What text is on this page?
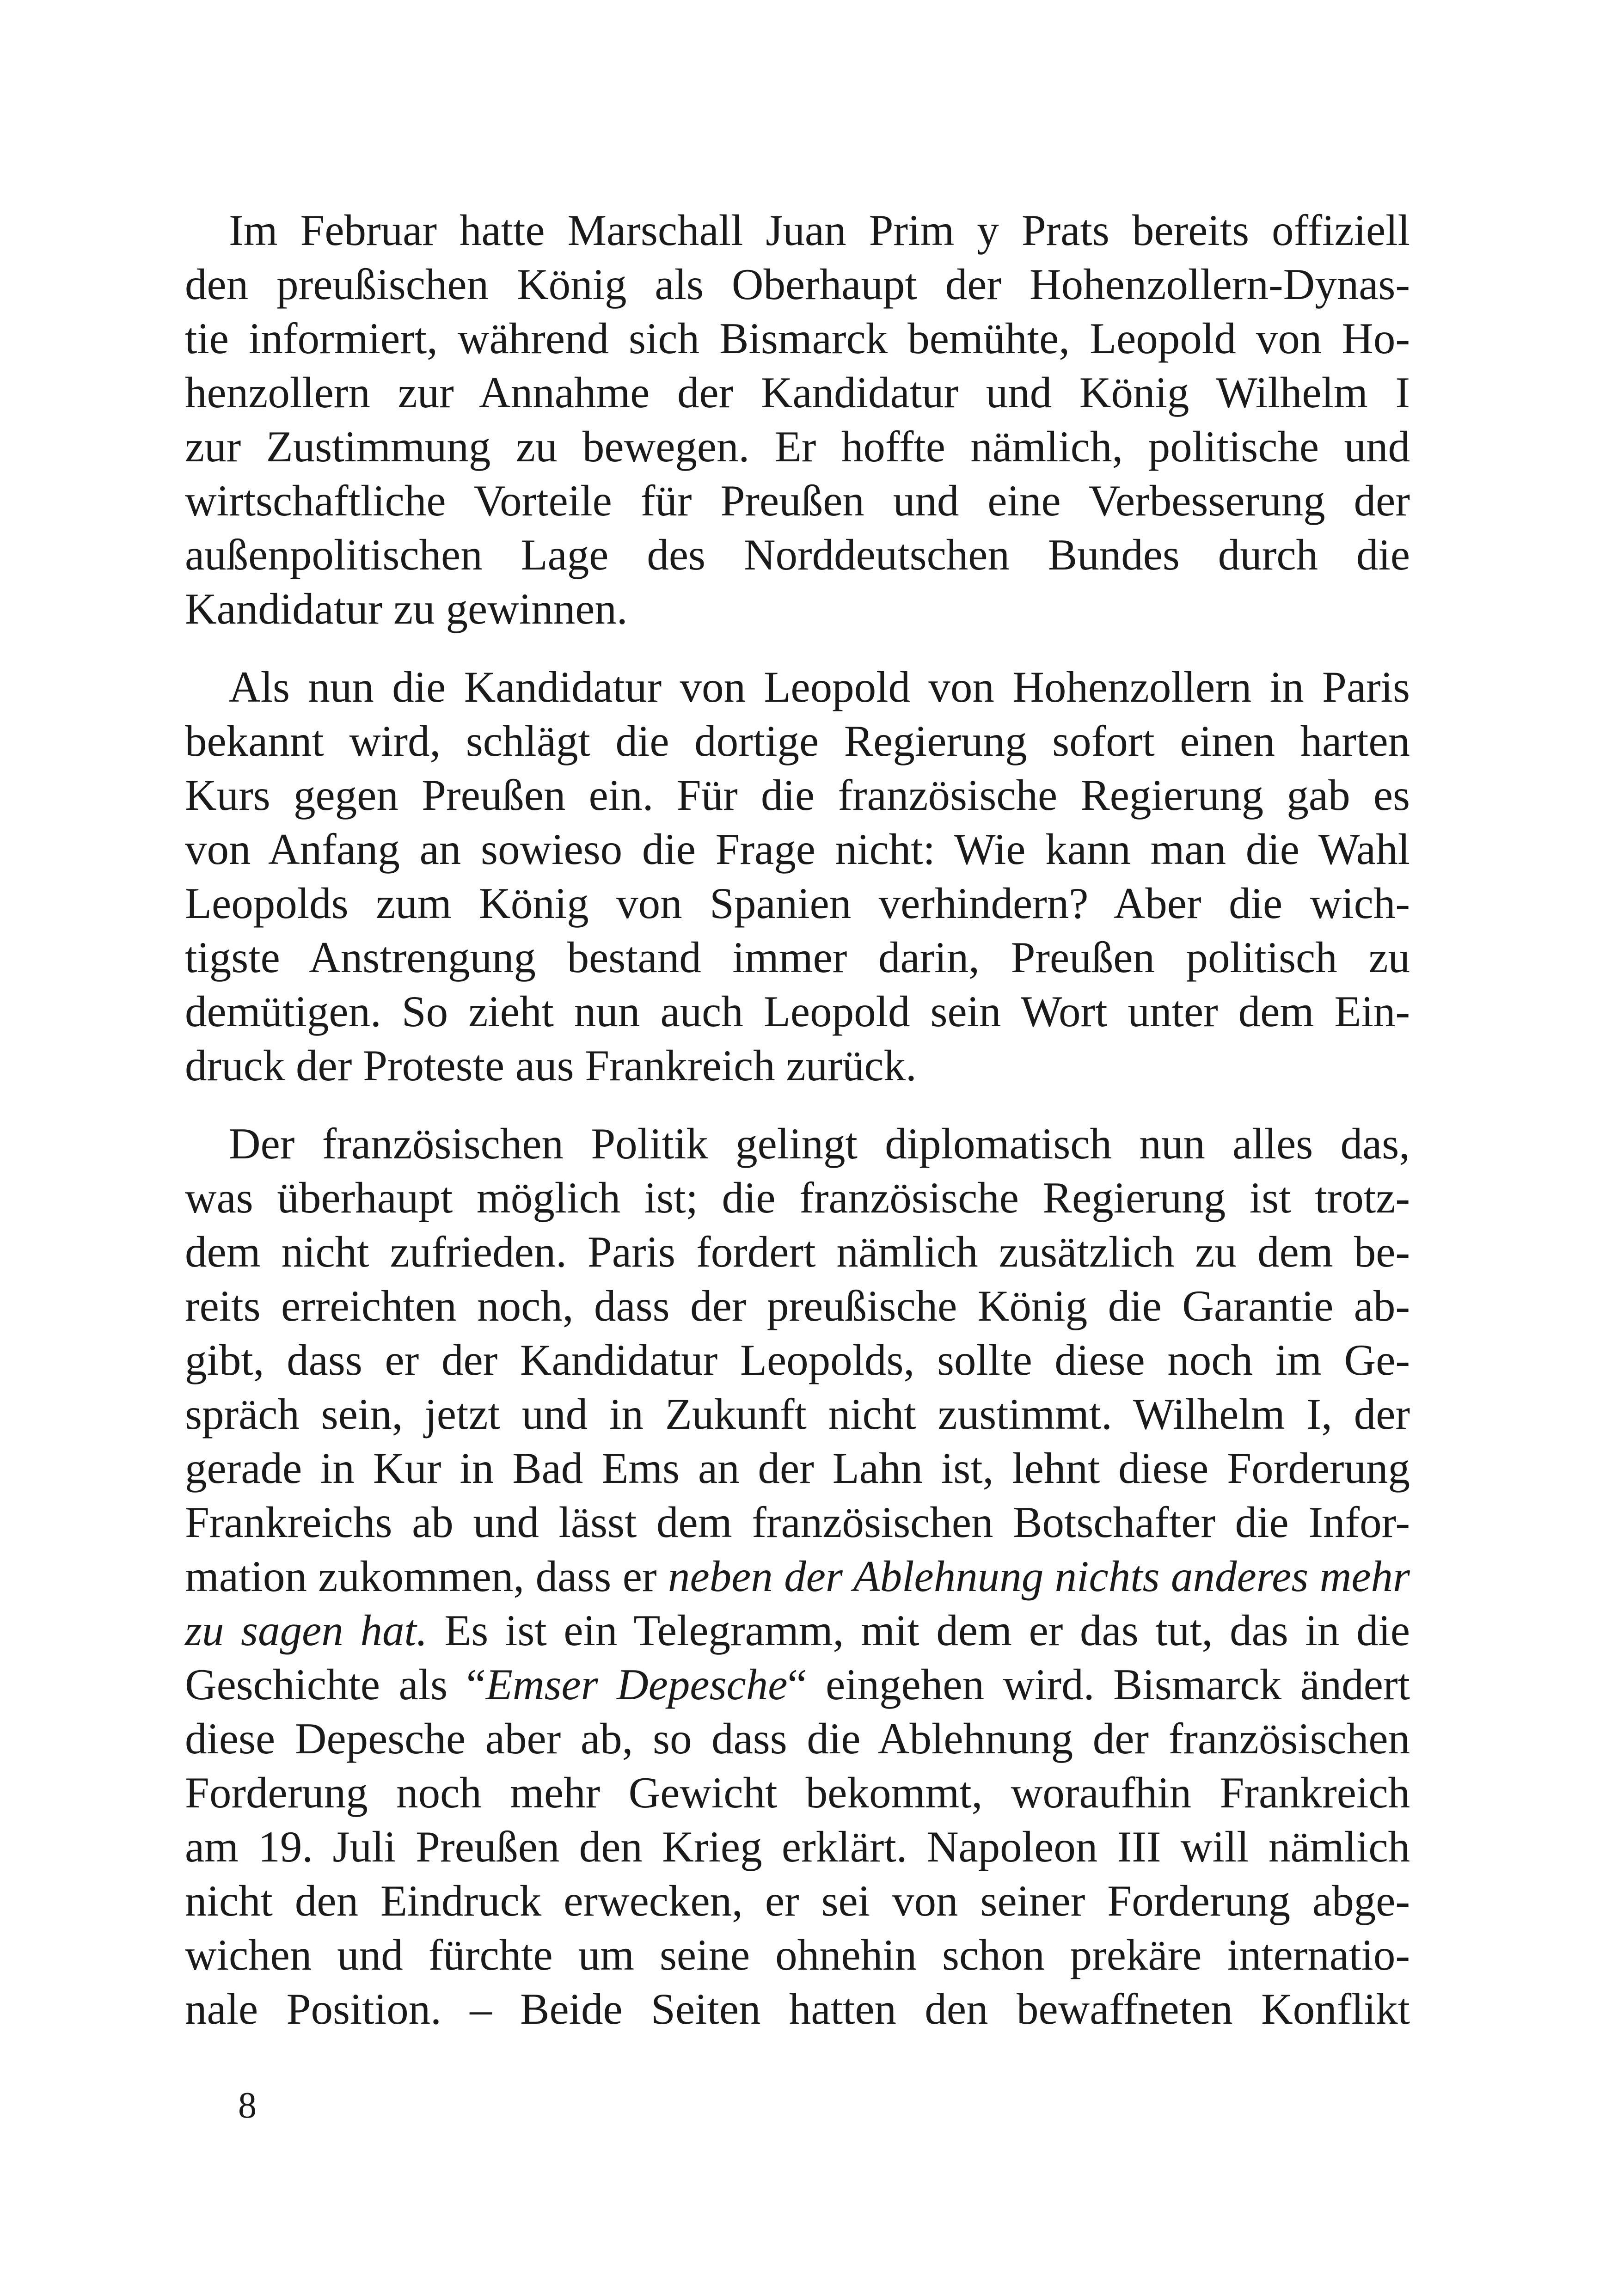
Im Februar hatte Marschall Juan Prim y Prats bereits offiziell
den preußischen König als Oberhaupt der Hohenzollern-Dynas-
tie informiert, während sich Bismarck bemühte, Leopold von Ho-
henzollern zur Annahme der Kandidatur und König Wilhelm I
zur Zustimmung zu bewegen. Er hoffte nämlich, politische und
wirtschaftliche Vorteile für Preußen und eine Verbesserung der
außenpolitischen Lage des Norddeutschen Bundes durch die
Kandidatur zu gewinnen.

Als nun die Kandidatur von Leopold von Hohenzollern in Paris
bekannt wird, schlägt die dortige Regierung sofort einen harten
Kurs gegen Preußen ein. Für die französische Regierung gab es
von Anfang an sowieso die Frage nicht: Wie kann man die Wahl
Leopolds zum König von Spanien verhindern? Aber die wich-
tigste Anstrengung bestand immer darin, Preußen politisch zu
demütigen. So zieht nun auch Leopold sein Wort unter dem Ein-
druck der Proteste aus Frankreich zurück.

Der französischen Politik gelingt diplomatisch nun alles das,
was überhaupt möglich ist; die französische Regierung ist trotz-
dem nicht zufrieden. Paris fordert nämlich zusätzlich zu dem be-
reits erreichten noch, dass der preußische König die Garantie ab-
gibt, dass er der Kandidatur Leopolds, sollte diese noch im Ge-
spräch sein, jetzt und in Zukunft nicht zustimmt. Wilhelm I, der
gerade in Kur in Bad Ems an der Lahn ist, lehnt diese Forderung
Frankreichs ab und lässt dem französischen Botschafter die Infor-
mation zukommen, dass er neben der Ablehnung nichts anderes mehr
zu sagen hat. Es ist ein Telegramm, mit dem er das tut, das in die
Geschichte als “Emser Depesche“ eingehen wird. Bismarck ändert
diese Depesche aber ab, so dass die Ablehnung der französischen
Forderung noch mehr Gewicht bekommt, woraufhin Frankreich
am 19. Juli Preußen den Krieg erklärt. Napoleon III will nämlich
nicht den Eindruck erwecken, er sei von seiner Forderung abge-
wichen und fürchte um seine ohnehin schon prekäre internatio-
nale Position. – Beide Seiten hatten den bewaffneten Konflikt

8
